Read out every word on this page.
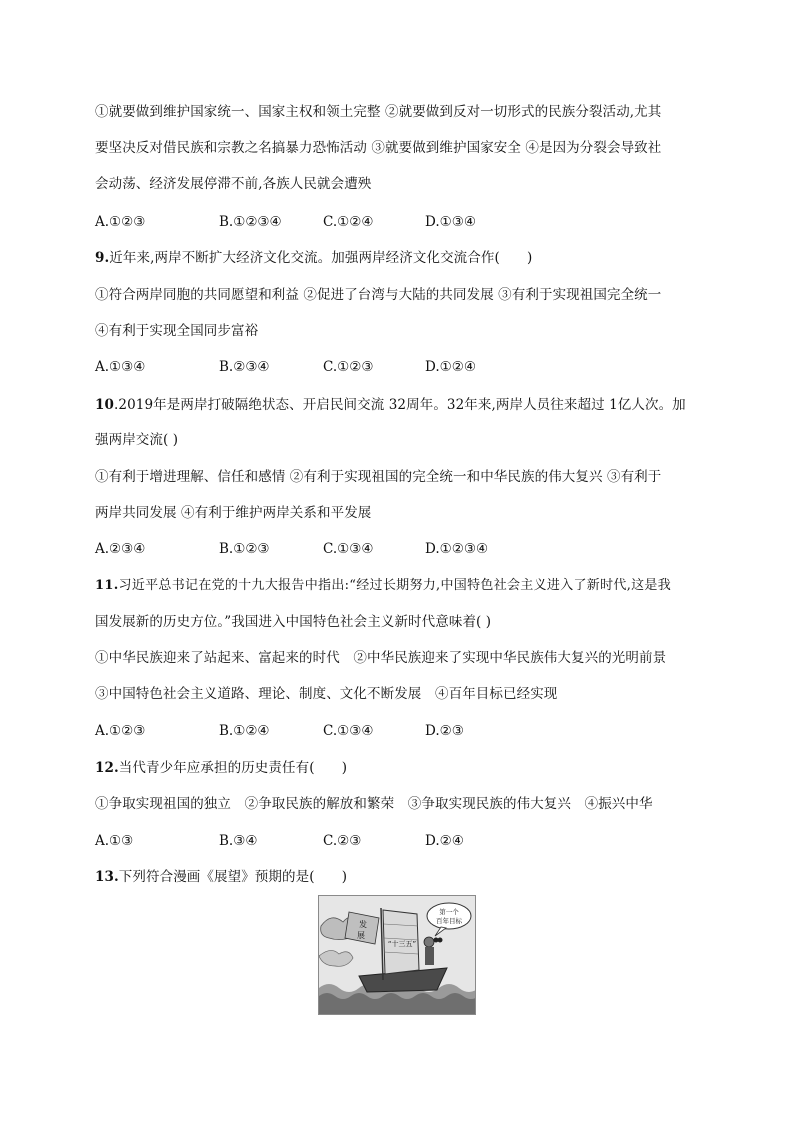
①就要做到维护国家统一、国家主权和领土完整 ②就要做到反对一切形式的民族分裂活动,尤其
要坚决反对借民族和宗教之名搞暴力恐怖活动 ③就要做到维护国家安全 ④是因为分裂会导致社
会动荡、经济发展停滞不前,各族人民就会遭殃
A.①②③	B.①②③④	C.①②④	D.①③④
9.近年来,两岸不断扩大经济文化交流。加强两岸经济文化交流合作(　　)
①符合两岸同胞的共同愿望和利益 ②促进了台湾与大陆的共同发展 ③有利于实现祖国完全统一
④有利于实现全国同步富裕
A.①③④	B.②③④	C.①②③	D.①②④
10.2019年是两岸打破隔绝状态、开启民间交流 32周年。32年来,两岸人员往来超过 1亿人次。加
强两岸交流( )
①有利于增进理解、信任和感情 ②有利于实现祖国的完全统一和中华民族的伟大复兴 ③有利于
两岸共同发展 ④有利于维护两岸关系和平发展
A.②③④	B.①②③	C.①③④	D.①②③④
11.习近平总书记在党的十九大报告中指出:“经过长期努力,中国特色社会主义进入了新时代,这是我
国发展新的历史方位。”我国进入中国特色社会主义新时代意味着( )
①中华民族迎来了站起来、富起来的时代　②中华民族迎来了实现中华民族伟大复兴的光明前景
③中国特色社会主义道路、理论、制度、文化不断发展　④百年目标已经实现
A.①②③	B.①②④	C.①③④	D.②③
12.当代青少年应承担的历史责任有(　　)
①争取实现祖国的独立　②争取民族的解放和繁荣　③争取实现民族的伟大复兴　④振兴中华
A.①③	B.③④	C.②③	D.②④
13.下列符合漫画《展望》预期的是(　　)
“十三五”
发
展
第一个
百年目标
